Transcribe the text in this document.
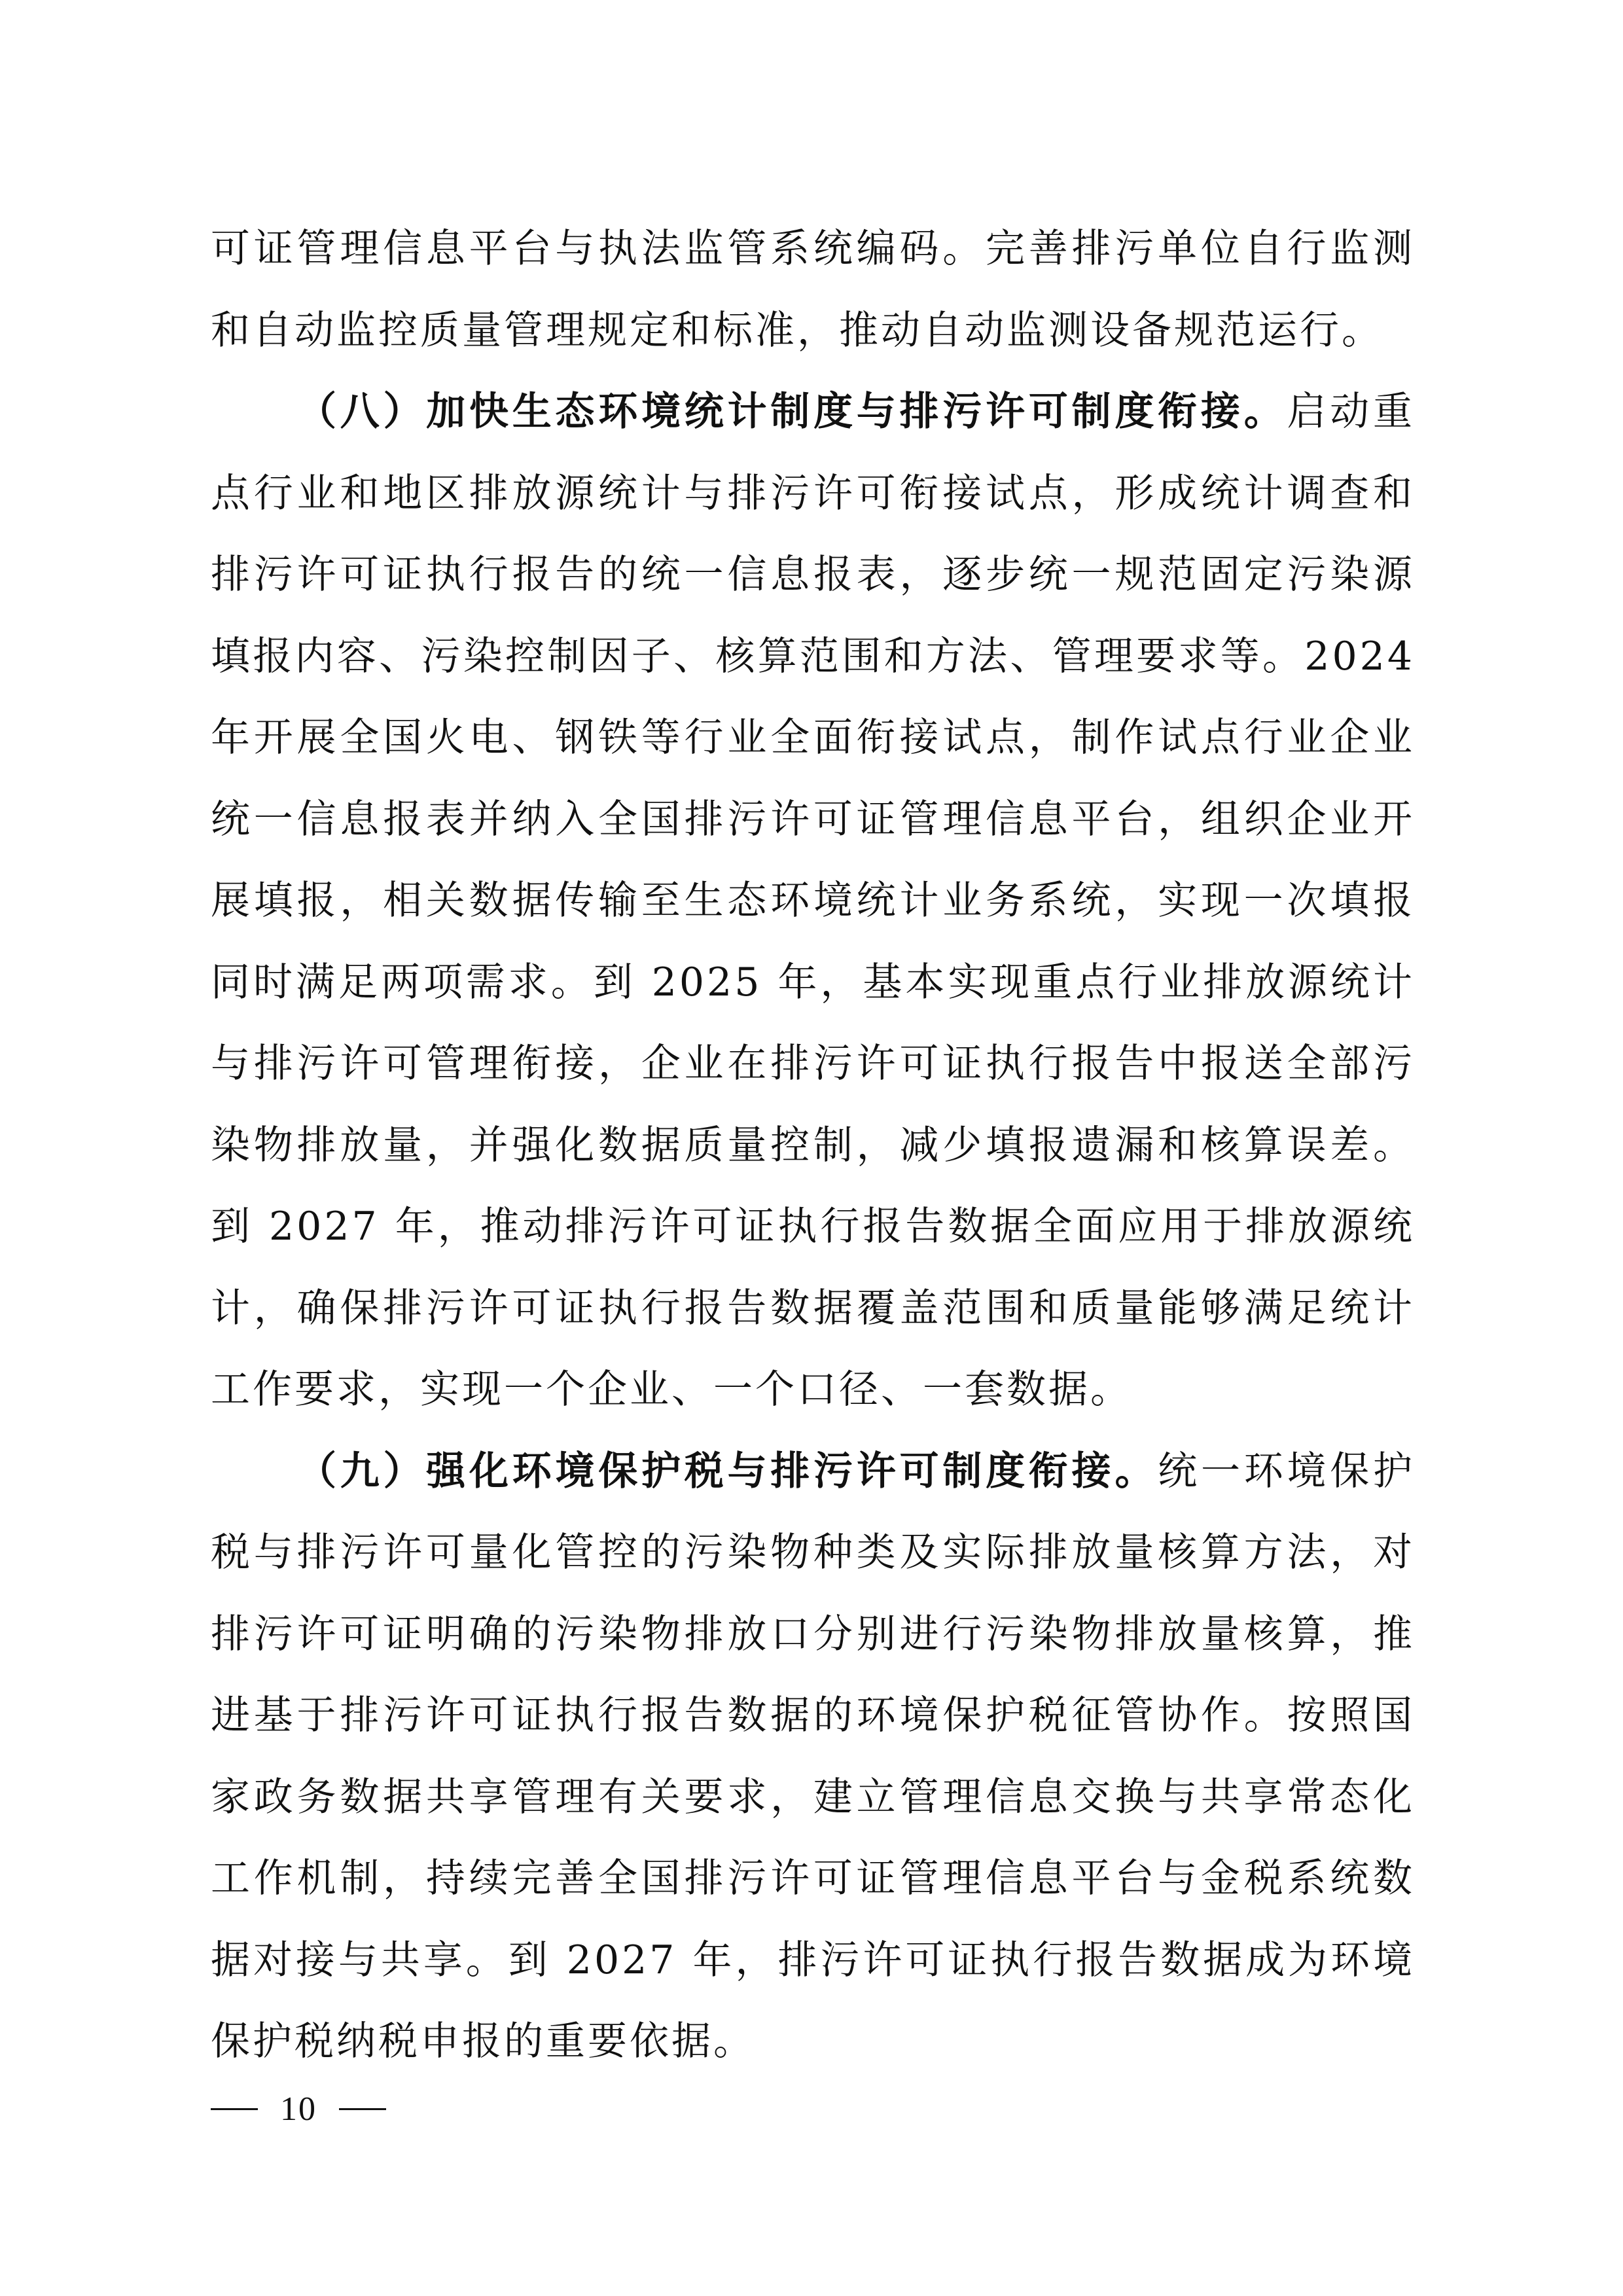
可证管理信息平台与执法监管系统编码。完善排污单位自行监测和自动监控质量管理规定和标准，推动自动监测设备规范运行。

（八）加快生态环境统计制度与排污许可制度衔接。启动重点行业和地区排放源统计与排污许可衔接试点，形成统计调查和排污许可证执行报告的统一信息报表，逐步统一规范固定污染源填报内容、污染控制因子、核算范围和方法、管理要求等。2024 年开展全国火电、钢铁等行业全面衔接试点，制作试点行业企业统一信息报表并纳入全国排污许可证管理信息平台，组织企业开展填报，相关数据传输至生态环境统计业务系统，实现一次填报同时满足两项需求。到 2025 年，基本实现重点行业排放源统计与排污许可管理衔接，企业在排污许可证执行报告中报送全部污染物排放量，并强化数据质量控制，减少填报遗漏和核算误差。到 2027 年，推动排污许可证执行报告数据全面应用于排放源统计，确保排污许可证执行报告数据覆盖范围和质量能够满足统计工作要求，实现一个企业、一个口径、一套数据。

（九）强化环境保护税与排污许可制度衔接。统一环境保护税与排污许可量化管控的污染物种类及实际排放量核算方法，对排污许可证明确的污染物排放口分别进行污染物排放量核算，推进基于排污许可证执行报告数据的环境保护税征管协作。按照国家政务数据共享管理有关要求，建立管理信息交换与共享常态化工作机制，持续完善全国排污许可证管理信息平台与金税系统数据对接与共享。到 2027 年，排污许可证执行报告数据成为环境保护税纳税申报的重要依据。

10
